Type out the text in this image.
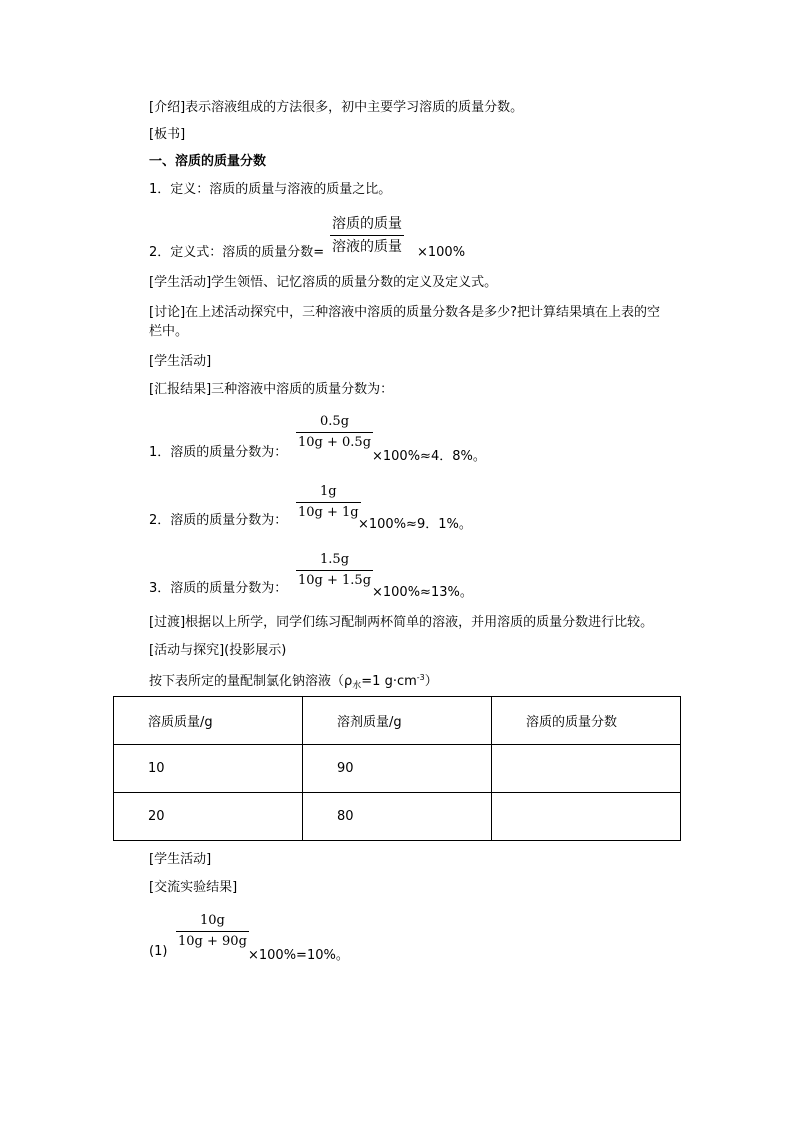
[介绍]表示溶液组成的方法很多，初中主要学习溶质的质量分数。
[板书]
一、溶质的质量分数
1．定义：溶质的质量与溶液的质量之比。
2．定义式：溶质的质量分数=
溶质的质量
溶液的质量 ×100%
[学生活动]学生领悟、记忆溶质的质量分数的定义及定义式。
[讨论]在上述活动探究中，三种溶液中溶质的质量分数各是多少?把计算结果填在上表的空
栏中。
[学生活动]
[汇报结果]三种溶液中溶质的质量分数为：
1．溶质的质量分数为：
$\frac{0.5g}{10g + 0.5g}$
×100%≈4．8%。
2．溶质的质量分数为： $\frac{1g}{10g + 1g}$
×100%≈9．1%。
3．溶质的质量分数为： $\frac{1.5g}{10g + 1.5g}$
×100%≈13%。
[过渡]根据以上所学，同学们练习配制两杯简单的溶液，并用溶质的质量分数进行比较。
[活动与探究](投影展示)
按下表所定的量配制氯化钠溶液（$\rho_水=1$ $g\cdot cm^{-3}$）
溶质质量/g	溶剂质量/g	溶质的质量分数
10	90	
20	80	
[学生活动]
[交流实验结果]
(1)
$\frac{10g}{10g + 90g}$
×100%=10%。
